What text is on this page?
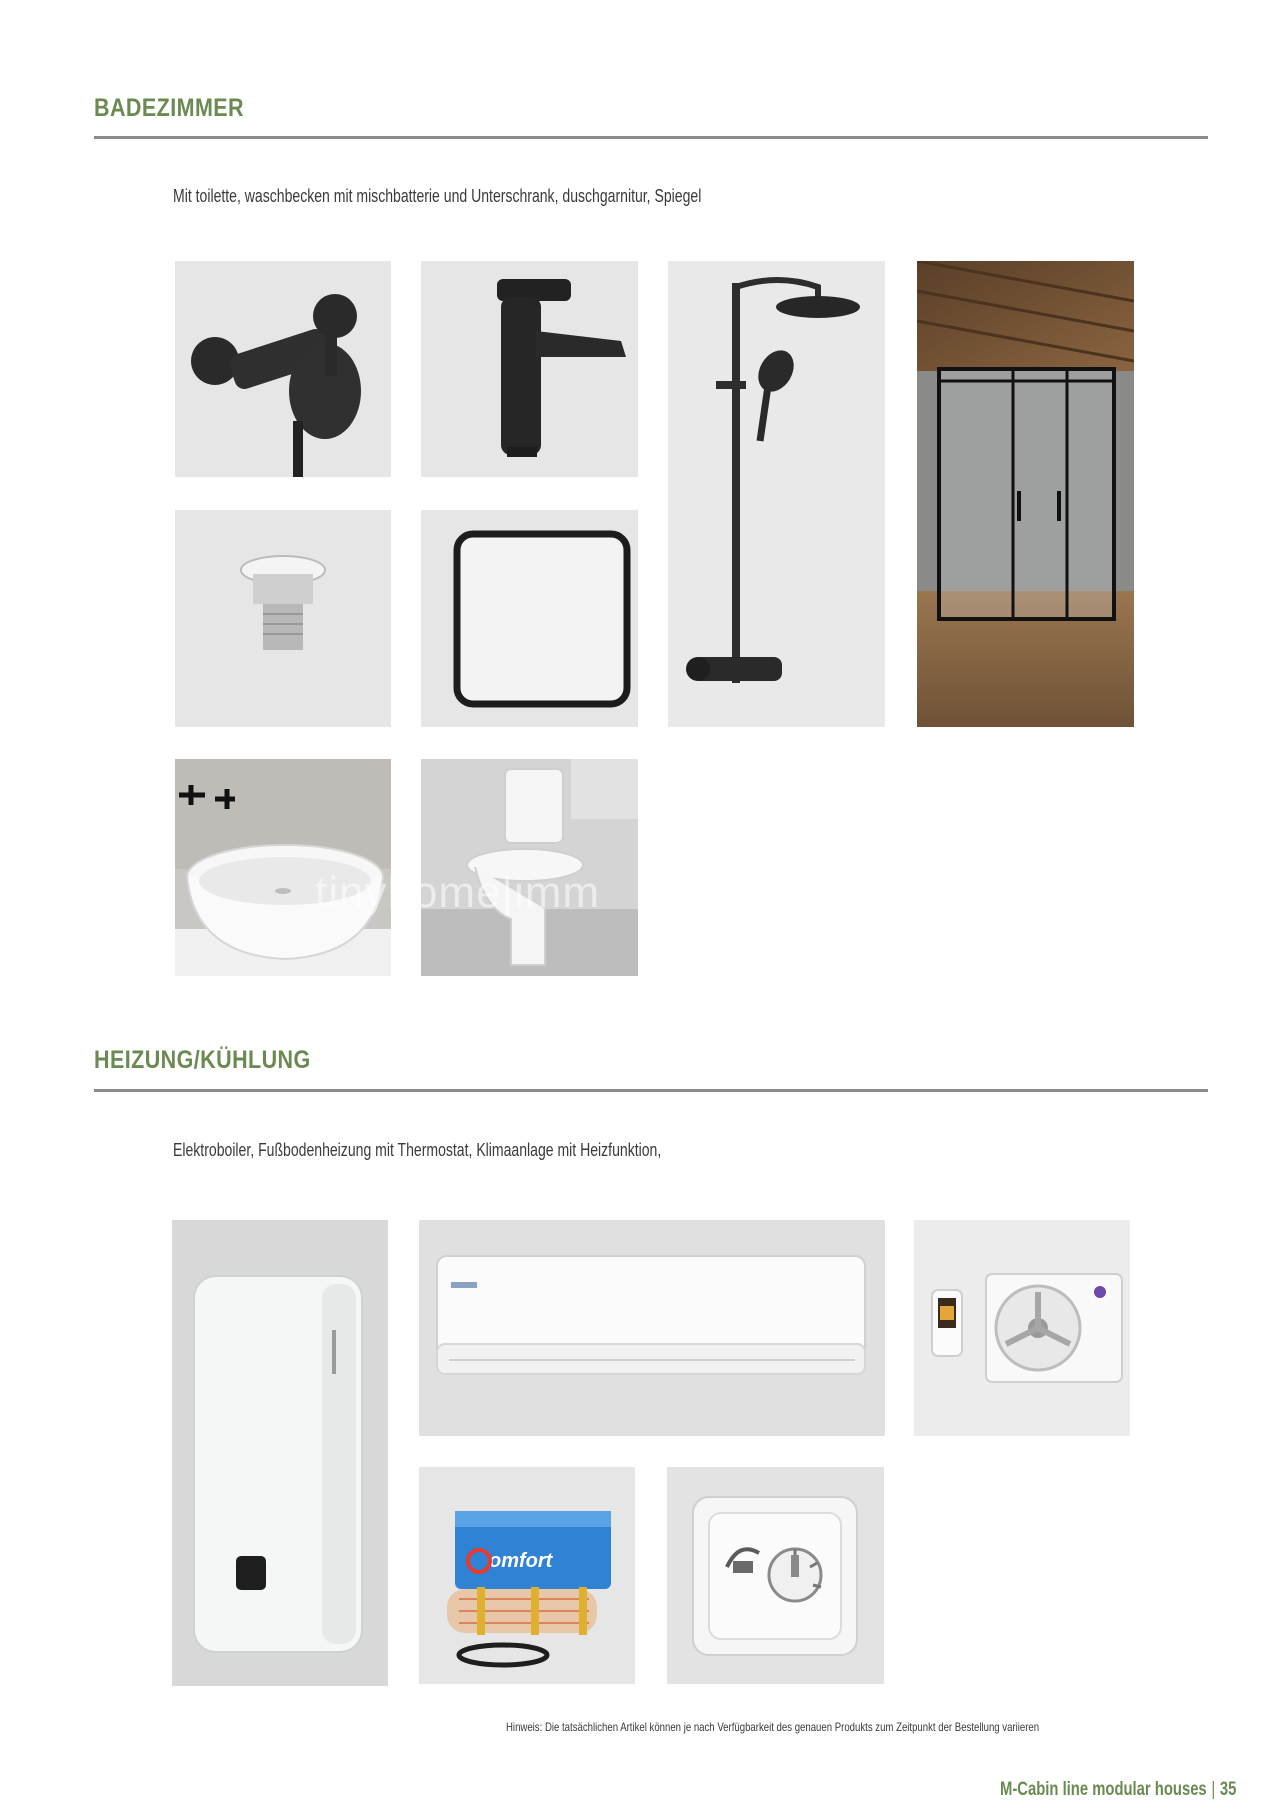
BADEZIMMER
Mit toilette, waschbecken mit mischbatterie und Unterschrank, duschgarnitur, Spiegel
tinyhome|imm
HEIZUNG/KÜHLUNG
Elektroboiler, Fußbodenheizung mit Thermostat, Klimaanlage mit Heizfunktion,
omfort
Hinweis: Die tatsächlichen Artikel können je nach Verfügbarkeit des genauen Produkts zum Zeitpunkt der Bestellung variieren
M-Cabin line modular houses | 35
